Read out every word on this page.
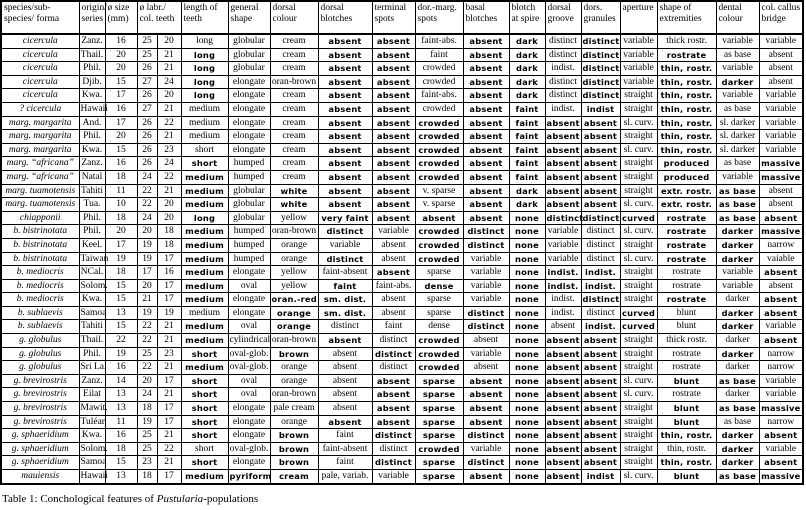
species/sub-species/ forma	origin/ series	ø size (mm)	ø labr./ col. teeth		length of teeth	general shape	dorsal colour	dorsal blotches	terminal spots	dor.-marg. spots	basal blotches	blotch at spire	dorsal groove	dors. granules	aperture	shape of extremities	dental colour	col. callus bridge
cicercula	Zanz.	16	25	20	long	globular	cream	absent	absent	faint-abs.	absent	dark	distinct	distinct	variable	thick rostr.	variable	variable
cicercula	Thail.	20	25	21	long	globular	cream	absent	absent	faint	absent	dark	distinct	distinct	variable	rostrate	as base	absent
cicercula	Phil.	20	26	21	long	globular	cream	absent	absent	crowded	absent	dark	indist.	distinct	variable	thin, rostr.	variable	absent
cicercula	Djib.	15	27	24	long	elongate	oran-brown	absent	absent	crowded	absent	dark	distinct	distinct	variable	thin, rostr.	darker	absent
cicercula	Kwa.	17	26	20	long	elongate	cream	absent	absent	faint-abs.	absent	dark	distinct	distinct	straight	thin, rostr.	variable	variable
? cicercula	Hawaii	16	27	21	medium	elongate	cream	absent	absent	crowded	absent	faint	indist.	indist	straight	thin, rostr.	as base	variable
marg. margarita	And.	17	26	22	medium	elongate	cream	absent	absent	crowded	absent	faint	absent	absent	sl. curv.	thin, rostr.	sl. darker	variable
marg. margarita	Phil.	20	26	21	medium	elongate	cream	absent	absent	crowded	absent	faint	absent	absent	straight	thin, rostr.	sl. darker	variable
marg. margarita	Kwa.	15	26	23	short	elongate	cream	absent	absent	crowded	absent	faint	absent	absent	sl. curv.	thin, rostr.	sl. darker	variable
marg. “africana”	Zanz.	16	26	24	short	humped	cream	absent	absent	crowded	absent	faint	absent	absent	straight	produced	as base	massive
marg. “africana”	Natal	18	24	22	medium	humped	cream	absent	absent	crowded	absent	faint	absent	absent	straight	produced	variable	massive
marg. tuamotensis	Tahiti	11	22	21	medium	globular	white	absent	absent	v. sparse	absent	dark	absent	absent	straight	extr. rostr.	as base	absent
marg. tuamotensis	Tua.	10	22	20	medium	globular	white	absent	absent	v. sparse	absent	dark	absent	absent	sl. curv.	extr. rostr.	as base	absent
chiapponii	Phil.	18	24	20	long	globular	yellow	very faint	absent	absent	absent	none	distinct	distinct	curved	rostrate	as base	absent
b. bistrinotata	Phil.	20	20	18	medium	humped	oran-brown	distinct	variable	crowded	distinct	none	variable	distinct	sl. curv.	rostrate	darker	massive
b. bistrinotata	Keel.	17	19	18	medium	humped	orange	variable	absent	crowded	distinct	none	variable	distinct	straight	rostrate	darker	narrow
b. bistrinotata	Taiwan	19	19	17	medium	humped	orange	distinct	absent	crowded	variable	none	variable	distinct	sl. curv.	rostrate	darker	vaiable
b. mediocris	NCal.	18	17	16	medium	elongate	yellow	faint-absent	absent	sparse	variable	none	indist.	indist.	straight	rostrate	variable	absent
b. mediocris	Solom.	15	20	17	medium	oval	yellow	faint	faint-abs.	dense	variable	none	indist.	indist.	straight	rostrate	variable	absent
b. mediocris	Kwa.	15	21	17	medium	elongate	oran.-red	sm. dist.	absent	sparse	variable	none	indist.	distinct	straight	rostrate	darker	absent
b. sublaevis	Samoa	13	19	19	medium	elongate	orange	sm. dist.	absent	sparse	distinct	none	indist.	distinct	curved	blunt	darker	absent
b. sublaevis	Tahiti	15	22	21	medium	oval	orange	distinct	faint	dense	distinct	none	absent	indist.	curved	blunt	darker	variable
g. globulus	Thail.	22	22	21	medium	cylindrical	oran-brown	absent	distinct	crowded	absent	none	absent	absent	straight	thick rostr.	darker	absent
g. globulus	Phil.	19	25	23	short	oval-glob.	brown	absent	distinct	crowded	variable	none	absent	absent	straight	rostrate	darker	narrow
g. globulus	Sri La.	16	22	21	medium	oval-glob.	orange	absent	distinct	crowded	absent	none	absent	absent	straight	rostrate	darker	narrow
g. brevirostris	Zanz.	14	20	17	short	oval	orange	absent	absent	sparse	absent	none	absent	absent	sl. curv.	blunt	as base	variable
g. brevirostris	Eilat	13	24	21	short	oval	oran-brown	absent	absent	sparse	absent	none	absent	absent	sl. curv.	rostrate	darker	variable
g. brevirostris	Mawit.	13	18	17	short	elongate	pale cream	absent	absent	sparse	absent	none	absent	absent	straight	blunt	as base	massive
g. brevirostris	Tuléar	11	19	17	short	elongate	orange	absent	absent	sparse	absent	none	absent	absent	straight	blunt	as base	narrow
g. sphaeridium	Kwa.	16	25	21	short	elongate	brown	faint	distinct	sparse	distinct	none	absent	absent	straight	thin, rostr.	darker	absent
g. sphaeridium	Solom.	18	25	22	short	oval-glob.	brown	faint-absent	distinct	crowded	variable	none	absent	absent	straight	thin, rostr.	darker	variable
g. sphaeridium	Samoa	15	23	21	short	elongate	brown	faint	distinct	sparse	distinct	none	absent	absent	straight	thin, rostr.	darker	absent
mauiensis	Hawaii	13	18	17	medium	pyriform	cream	pale, variab.	variable	sparse	absent	none	absent	indist	sl. curv.	blunt	as base	massive
Table 1: Conchological features of Pustularia-populations
